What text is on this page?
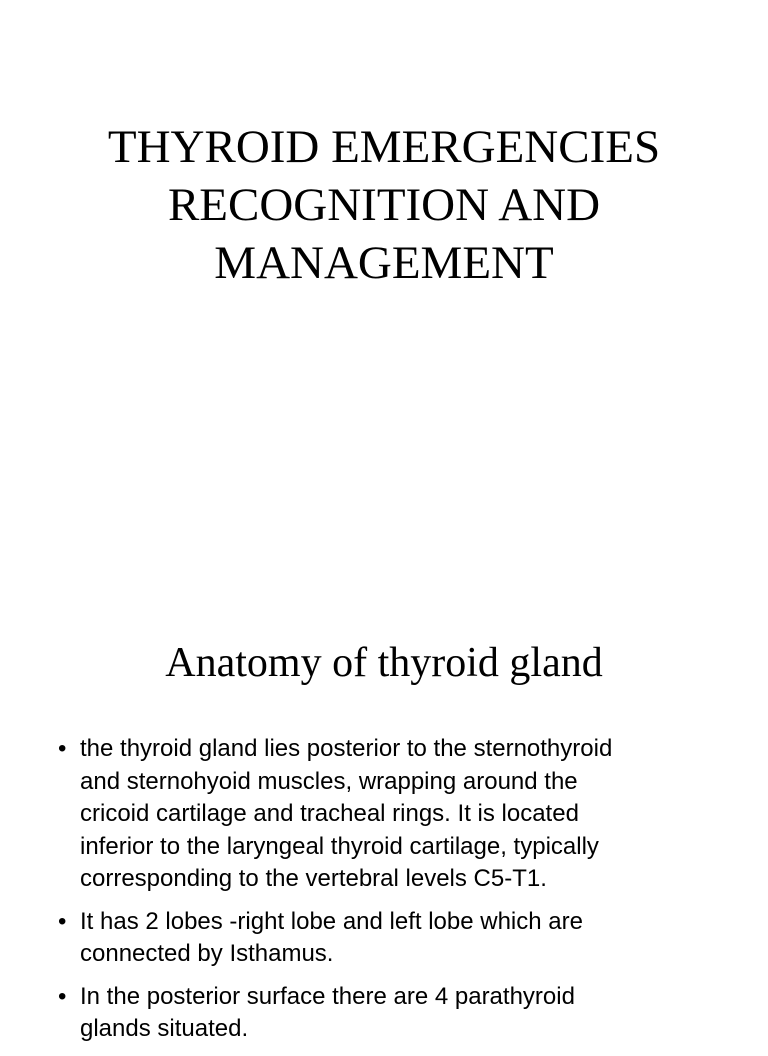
THYROID EMERGENCIES
RECOGNITION AND
MANAGEMENT
Anatomy of thyroid gland
• the thyroid gland lies posterior to the sternothyroid
and sternohyoid muscles, wrapping around the
cricoid cartilage and tracheal rings. It is located
inferior to the laryngeal thyroid cartilage, typically
corresponding to the vertebral levels C5-T1.
• It has 2 lobes -right lobe and left lobe which are
connected by Isthamus.
• In the posterior surface there are 4 parathyroid
glands situated.
